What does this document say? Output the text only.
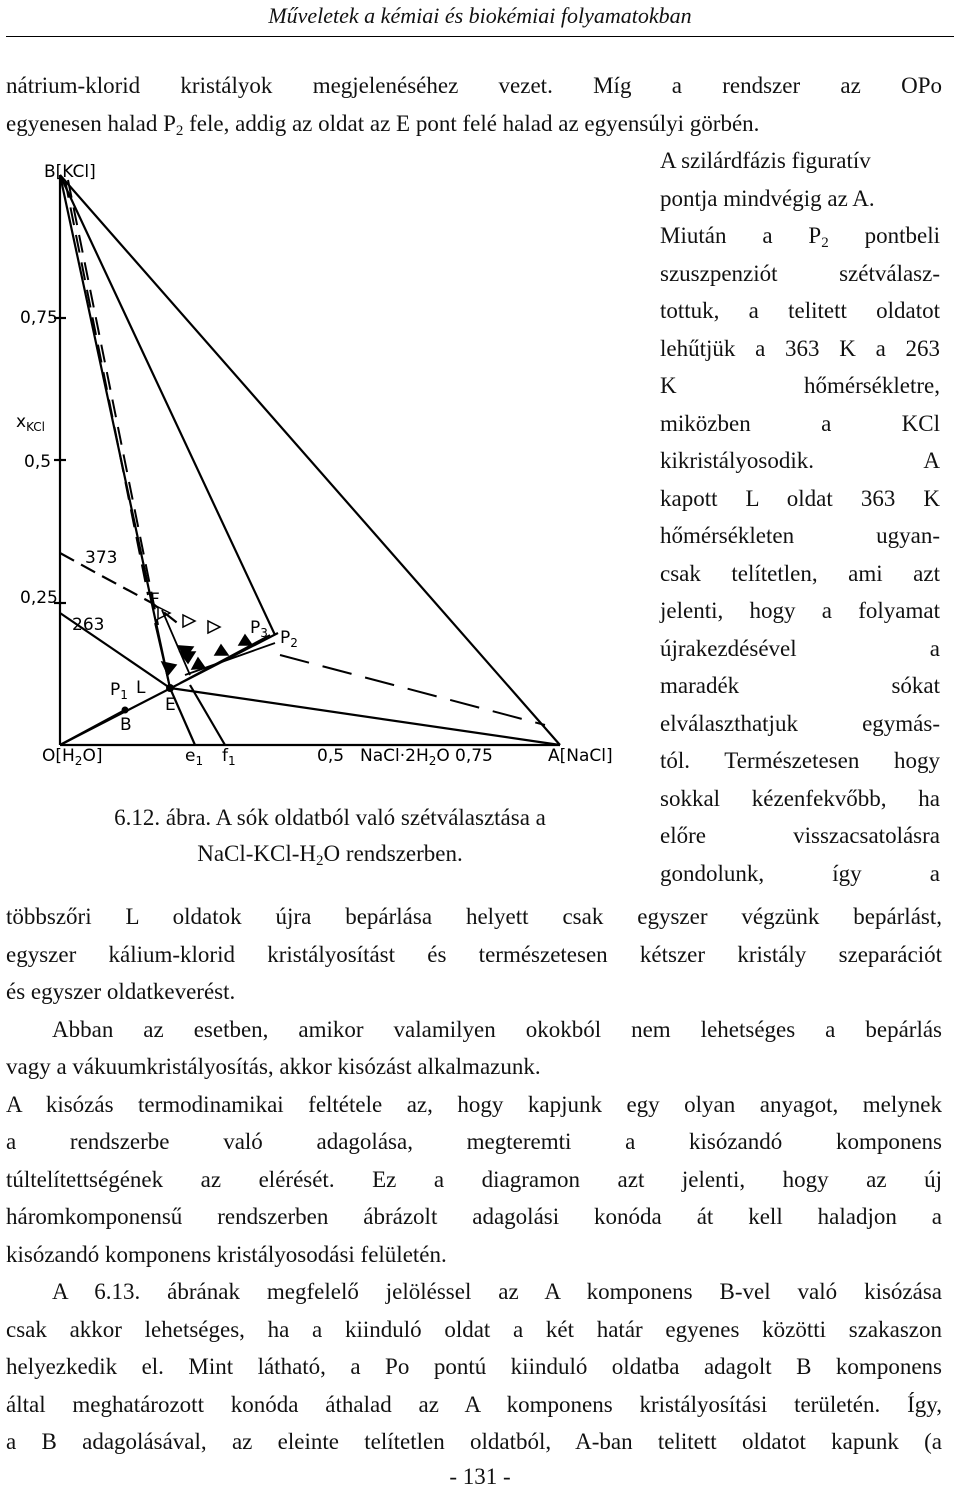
Műveletek a kémiai és biokémiai folyamatokban
nátrium-klorid kristályok megjelenéséhez vezet. Míg a rendszer az OPo
egyenesen halad $P_2$ fele, addig az oldat az E pont felé halad az egyensúlyi görbén.
A szilárdfázis figuratív
pontja mindvégig az A.
Miután a $P_2$ pontbeli
szuszpenziót szétválasz-
tottuk, a telitett oldatot
lehűtjük a 363 K a 263
K	hőmérsékletre,
miközben a KCl
kikristályosodik. A
kapott L oldat 363 K
hőmérsékleten ugyan-
csak telítetlen, ami azt
jelenti, hogy a folyamat
újrakezdésével a
maradék sókat
elválaszthatjuk egymás-
tól. Természetesen hogy
sokkal kézenfekvőbb, ha
előre visszacsatolásra
gondolunk, így a
B[KCl]
0,75
$x_{KCl}$
0,5
0,25
373
263
F
$P_3$ $P_2$
$P_1$ L
B
E
$O[H_2O]$	$e_1$ $f_1$	0,5 $NaCl\cdot 2H_2O$ 0,75	A[NaCl]
6.12. ábra. A sók oldatból való szétválasztása a
NaCl-$KCl-H_2O$ rendszerben.
többszőri L oldatok újra bepárlása helyett csak egyszer végzünk bepárlást,
egyszer kálium-klorid kristályosítást és természetesen kétszer kristály szeparációt
és egyszer oldatkeverést.
Abban az esetben, amikor valamilyen okokból nem lehetséges a bepárlás
vagy a vákuumkristályosítás, akkor kisózást alkalmazunk.
A kisózás termodinamikai feltétele az, hogy kapjunk egy olyan anyagot, melynek
a rendszerbe való adagolása, megteremti a kisózandó komponens
túltelítettségének az elérését. Ez a diagramon azt jelenti, hogy az új
háromkomponensű rendszerben ábrázolt adagolási konóda át kell haladjon a
kisózandó komponens kristályosodási felületén.
A 6.13. ábrának megfelelő jelöléssel az A komponens B-vel való kisózása
csak akkor lehetséges, ha a kiinduló oldat a két határ egyenes közötti szakaszon
helyezkedik el. Mint látható, a Po pontú kiinduló oldatba adagolt B komponens
által meghatározott konóda áthalad az A komponens kristályosítási területén. Így,
a B adagolásával, az eleinte telítetlen oldatból, A-ban telitett oldatot kapunk (a
- 131 -
